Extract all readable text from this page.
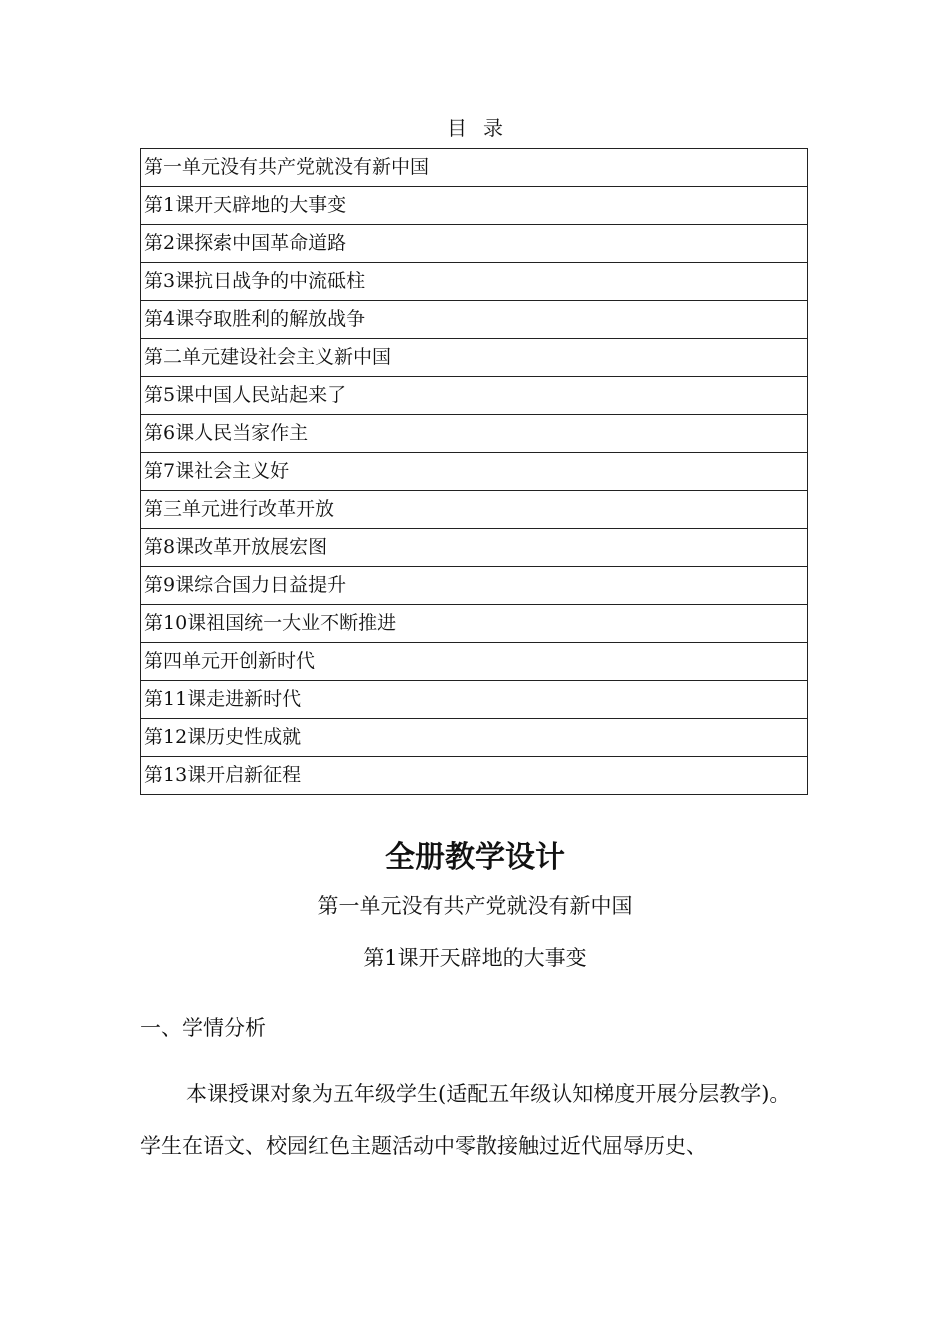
目录
第一单元没有共产党就没有新中国
第1课开天辟地的大事变
第2课探索中国革命道路
第3课抗日战争的中流砥柱
第4课夺取胜利的解放战争
第二单元建设社会主义新中国
第5课中国人民站起来了
第6课人民当家作主
第7课社会主义好
第三单元进行改革开放
第8课改革开放展宏图
第9课综合国力日益提升
第10课祖国统一大业不断推进
第四单元开创新时代
第11课走进新时代
第12课历史性成就
第13课开启新征程
全册教学设计
第一单元没有共产党就没有新中国
第1课开天辟地的大事变
一、学情分析

本课授课对象为五年级学生(适配五年级认知梯度开展分层教学)。学生在语文、校园红色主题活动中零散接触过近代屈辱历史、
